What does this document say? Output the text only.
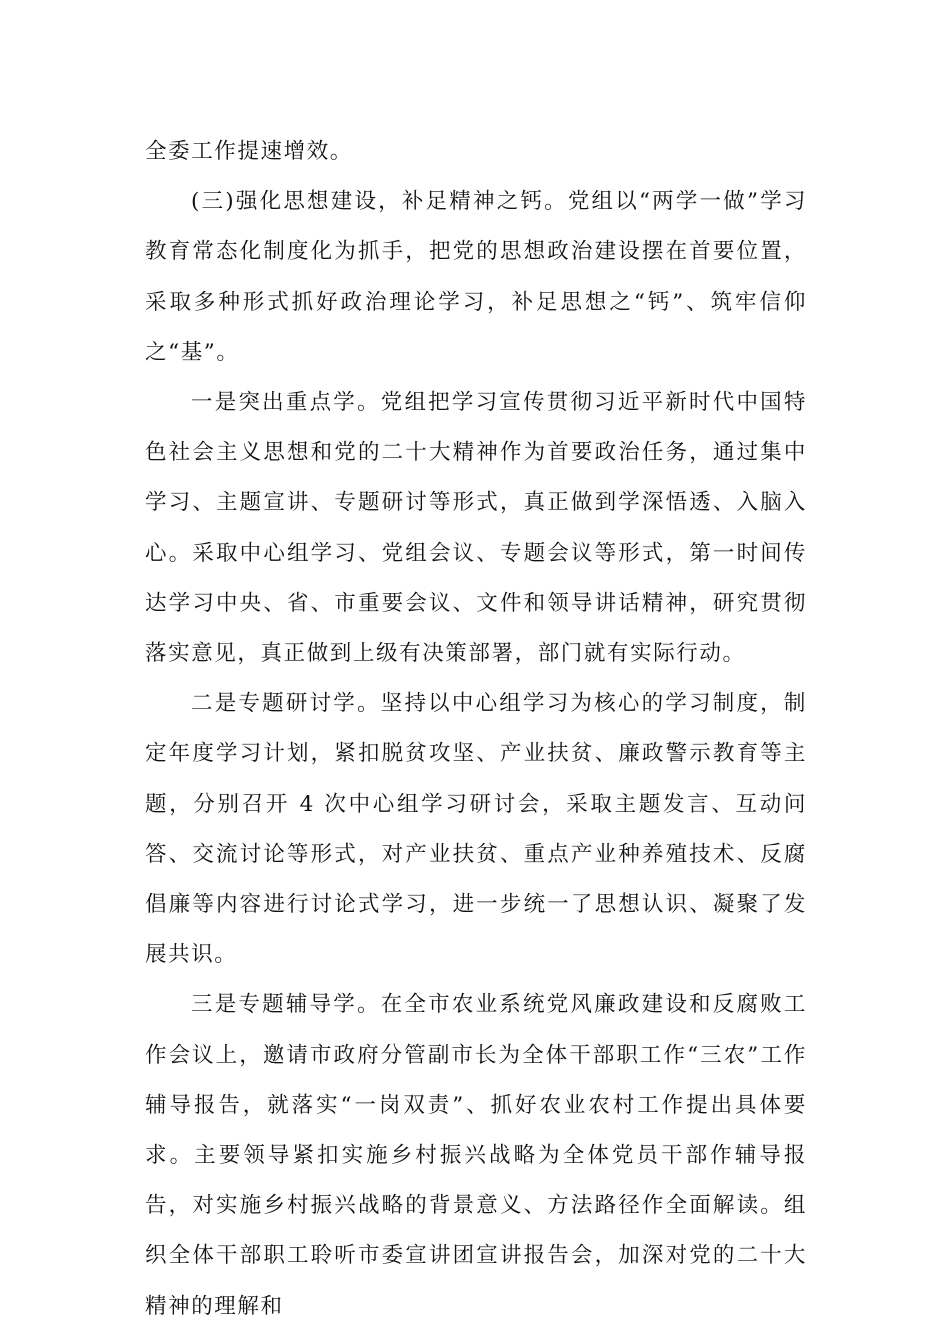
全委工作提速增效。

(三)强化思想建设，补足精神之钙。党组以“两学一做”学习教育常态化制度化为抓手，把党的思想政治建设摆在首要位置，采取多种形式抓好政治理论学习，补足思想之“钙”、筑牢信仰之“基”。

一是突出重点学。党组把学习宣传贯彻习近平新时代中国特色社会主义思想和党的二十大精神作为首要政治任务，通过集中学习、主题宣讲、专题研讨等形式，真正做到学深悟透、入脑入心。采取中心组学习、党组会议、专题会议等形式，第一时间传达学习中央、省、市重要会议、文件和领导讲话精神，研究贯彻落实意见，真正做到上级有决策部署，部门就有实际行动。

二是专题研讨学。坚持以中心组学习为核心的学习制度，制定年度学习计划，紧扣脱贫攻坚、产业扶贫、廉政警示教育等主题，分别召开 4 次中心组学习研讨会，采取主题发言、互动问答、交流讨论等形式，对产业扶贫、重点产业种养殖技术、反腐倡廉等内容进行讨论式学习，进一步统一了思想认识、凝聚了发展共识。

三是专题辅导学。在全市农业系统党风廉政建设和反腐败工作会议上，邀请市政府分管副市长为全体干部职工作“三农”工作辅导报告，就落实“一岗双责”、抓好农业农村工作提出具体要求。主要领导紧扣实施乡村振兴战略为全体党员干部作辅导报告，对实施乡村振兴战略的背景意义、方法路径作全面解读。组织全体干部职工聆听市委宣讲团宣讲报告会，加深对党的二十大精神的理解和
